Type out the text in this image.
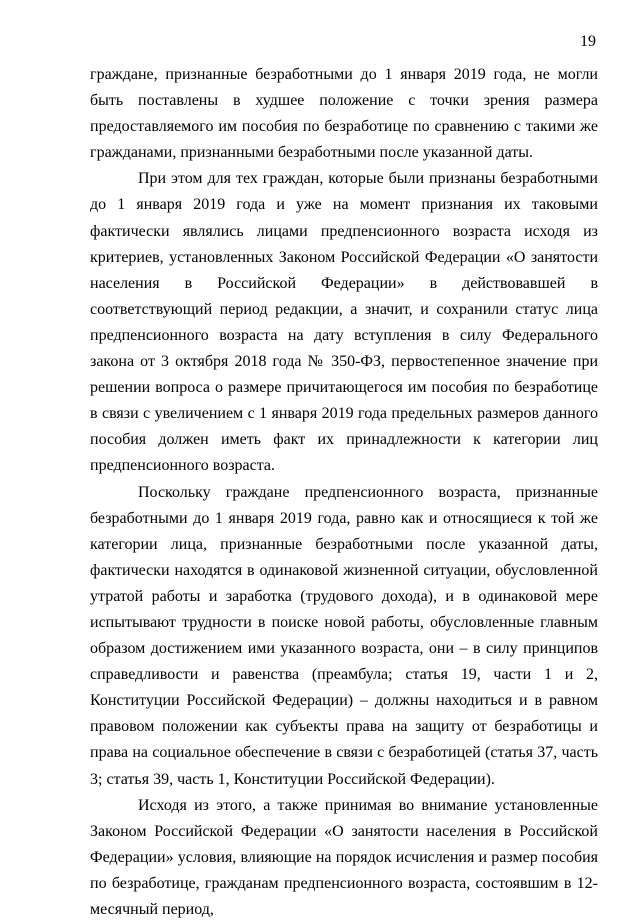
19

граждане, признанные безработными до 1 января 2019 года, не могли быть поставлены в худшее положение с точки зрения размера предоставляемого им пособия по безработице по сравнению с такими же гражданами, признанными безработными после указанной даты.

При этом для тех граждан, которые были признаны безработными до 1 января 2019 года и уже на момент признания их таковыми фактически являлись лицами предпенсионного возраста исходя из критериев, установленных Законом Российской Федерации «О занятости населения в Российской Федерации» в действовавшей в соответствующий период редакции, а значит, и сохранили статус лица предпенсионного возраста на дату вступления в силу Федерального закона от 3 октября 2018 года № 350-ФЗ, первостепенное значение при решении вопроса о размере причитающегося им пособия по безработице в связи с увеличением с 1 января 2019 года предельных размеров данного пособия должен иметь факт их принадлежности к категории лиц предпенсионного возраста.

Поскольку граждане предпенсионного возраста, признанные безработными до 1 января 2019 года, равно как и относящиеся к той же категории лица, признанные безработными после указанной даты, фактически находятся в одинаковой жизненной ситуации, обусловленной утратой работы и заработка (трудового дохода), и в одинаковой мере испытывают трудности в поиске новой работы, обусловленные главным образом достижением ими указанного возраста, они – в силу принципов справедливости и равенства (преамбула; статья 19, части 1 и 2, Конституции Российской Федерации) – должны находиться и в равном правовом положении как субъекты права на защиту от безработицы и права на социальное обеспечение в связи с безработицей (статья 37, часть 3; статья 39, часть 1, Конституции Российской Федерации).

Исходя из этого, а также принимая во внимание установленные Законом Российской Федерации «О занятости населения в Российской Федерации» условия, влияющие на порядок исчисления и размер пособия по безработице, гражданам предпенсионного возраста, состоявшим в 12-месячный период,
